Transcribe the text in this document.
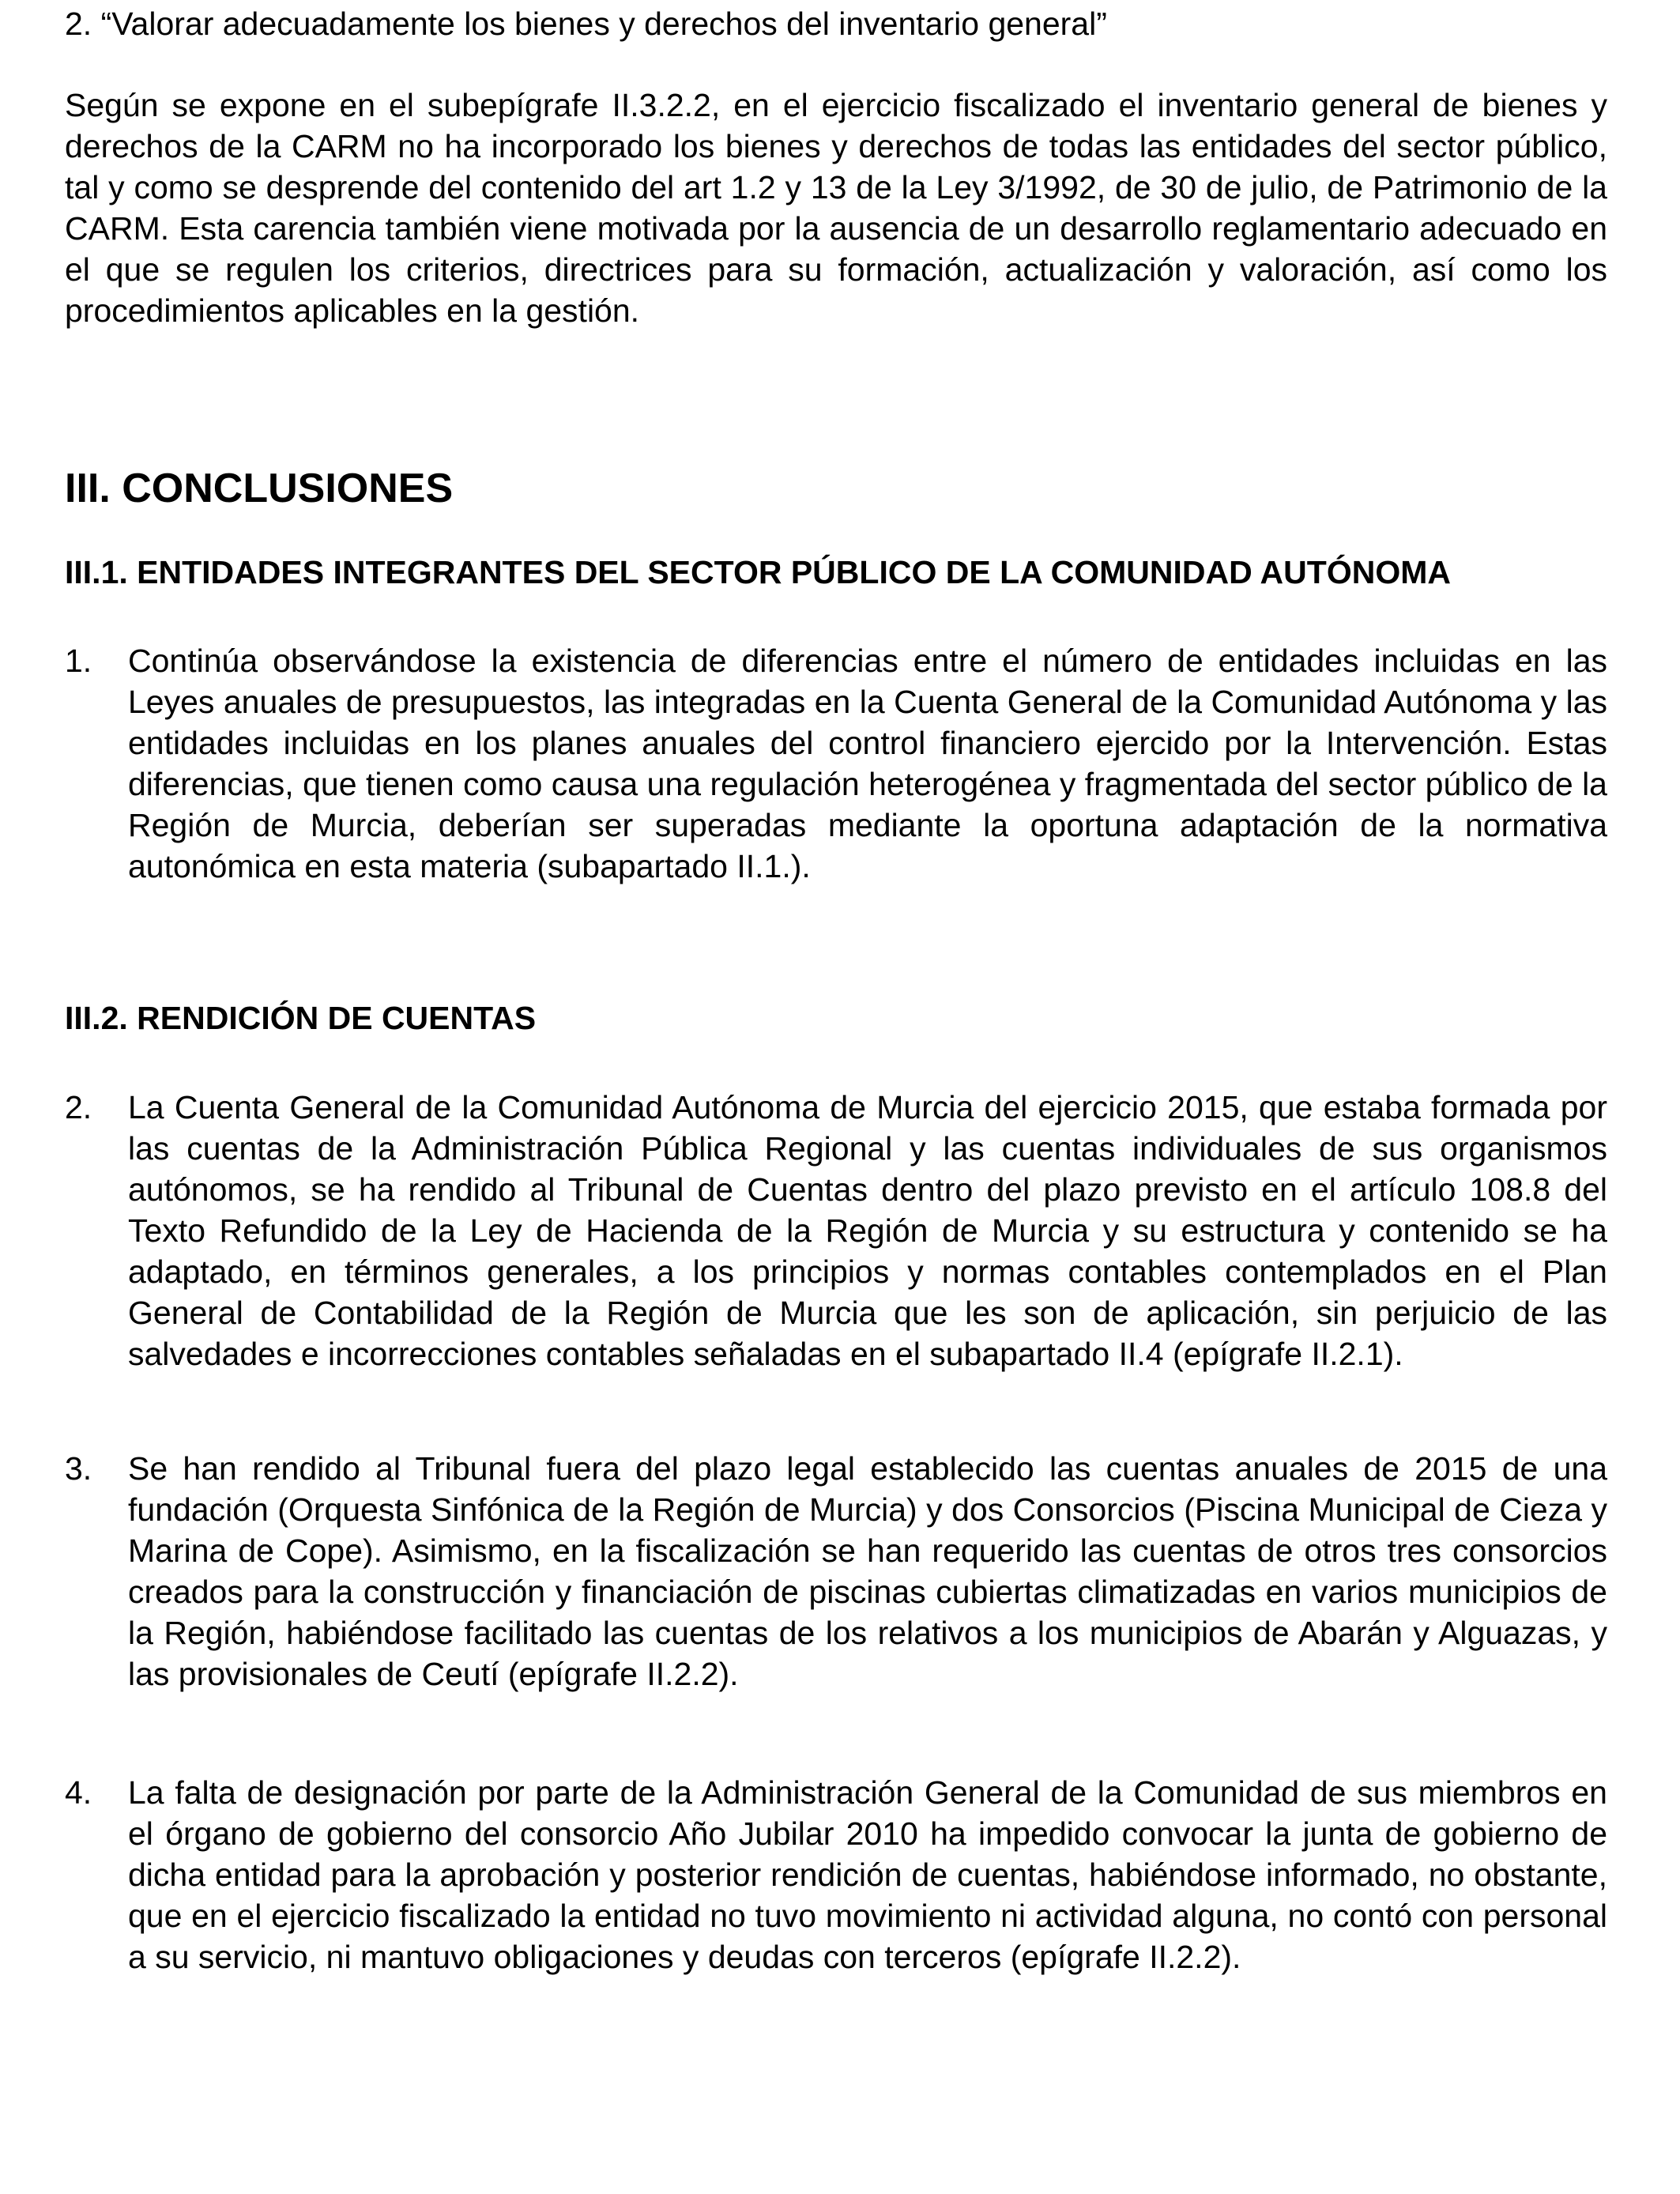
2. “Valorar adecuadamente los bienes y derechos del inventario general”

Según se expone en el subepígrafe II.3.2.2, en el ejercicio fiscalizado el inventario general de bienes y derechos de la CARM no ha incorporado los bienes y derechos de todas las entidades del sector público, tal y como se desprende del contenido del art 1.2 y 13 de la Ley 3/1992, de 30 de julio, de Patrimonio de la CARM. Esta carencia también viene motivada por la ausencia de un desarrollo reglamentario adecuado en el que se regulen los criterios, directrices para su formación, actualización y valoración, así como los procedimientos aplicables en la gestión.

III. CONCLUSIONES
III.1. ENTIDADES INTEGRANTES DEL SECTOR PÚBLICO DE LA COMUNIDAD AUTÓNOMA
1. Continúa observándose la existencia de diferencias entre el número de entidades incluidas en las Leyes anuales de presupuestos, las integradas en la Cuenta General de la Comunidad Autónoma y las entidades incluidas en los planes anuales del control financiero ejercido por la Intervención. Estas diferencias, que tienen como causa una regulación heterogénea y fragmentada del sector público de la Región de Murcia, deberían ser superadas mediante la oportuna adaptación de la normativa autonómica en esta materia (subapartado II.1.).

III.2. RENDICIÓN DE CUENTAS
2. La Cuenta General de la Comunidad Autónoma de Murcia del ejercicio 2015, que estaba formada por las cuentas de la Administración Pública Regional y las cuentas individuales de sus organismos autónomos, se ha rendido al Tribunal de Cuentas dentro del plazo previsto en el artículo 108.8 del Texto Refundido de la Ley de Hacienda de la Región de Murcia y su estructura y contenido se ha adaptado, en términos generales, a los principios y normas contables contemplados en el Plan General de Contabilidad de la Región de Murcia que les son de aplicación, sin perjuicio de las salvedades e incorrecciones contables señaladas en el subapartado II.4 (epígrafe II.2.1).

3. Se han rendido al Tribunal fuera del plazo legal establecido las cuentas anuales de 2015 de una fundación (Orquesta Sinfónica de la Región de Murcia) y dos Consorcios (Piscina Municipal de Cieza y Marina de Cope). Asimismo, en la fiscalización se han requerido las cuentas de otros tres consorcios creados para la construcción y financiación de piscinas cubiertas climatizadas en varios municipios de la Región, habiéndose facilitado las cuentas de los relativos a los municipios de Abarán y Alguazas, y las provisionales de Ceutí (epígrafe II.2.2).

4. La falta de designación por parte de la Administración General de la Comunidad de sus miembros en el órgano de gobierno del consorcio Año Jubilar 2010 ha impedido convocar la junta de gobierno de dicha entidad para la aprobación y posterior rendición de cuentas, habiéndose informado, no obstante, que en el ejercicio fiscalizado la entidad no tuvo movimiento ni actividad alguna, no contó con personal a su servicio, ni mantuvo obligaciones y deudas con terceros (epígrafe II.2.2).
